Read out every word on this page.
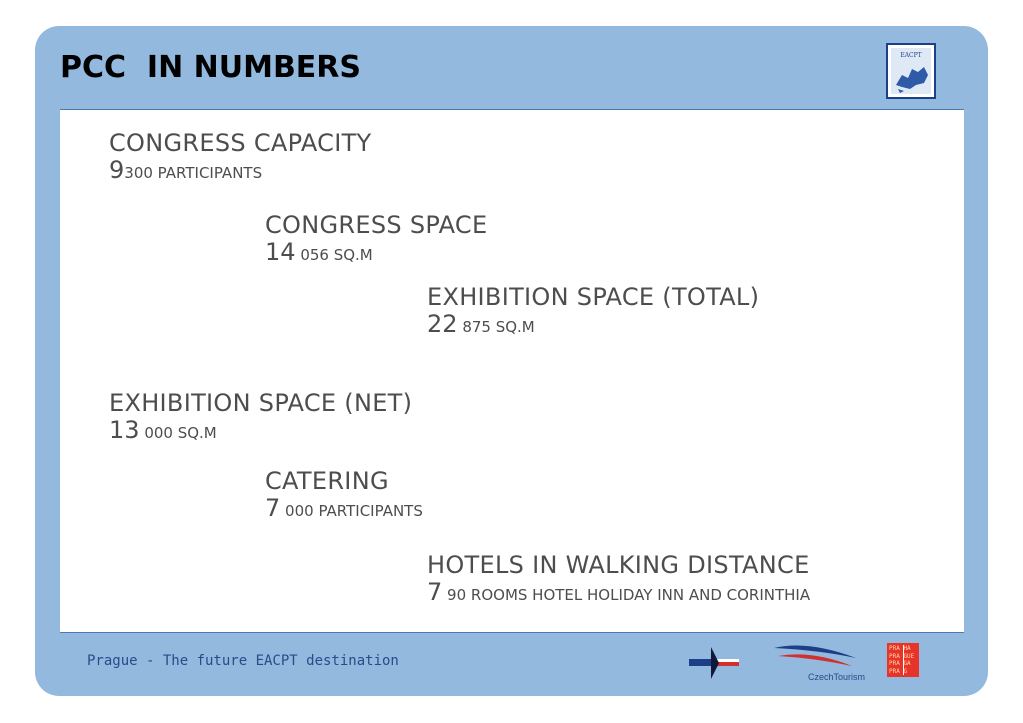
PCC  IN NUMBERS	EACPT
CONGRESS CAPACITY
9300 PARTICIPANTS
CONGRESS SPACE
14 056 SQ.M
EXHIBITION SPACE (TOTAL)
22 875 SQ.M
EXHIBITION SPACE (NET)
13 000 SQ.M
CATERING
7 000 PARTICIPANTS
HOTELS IN WALKING DISTANCE
7 90 ROOMS HOTEL HOLIDAY INN AND CORINTHIA
Prague - The future EACPT destination
CzechTourism
PRA HA
PRA GUE
PRA GA
PRA G
